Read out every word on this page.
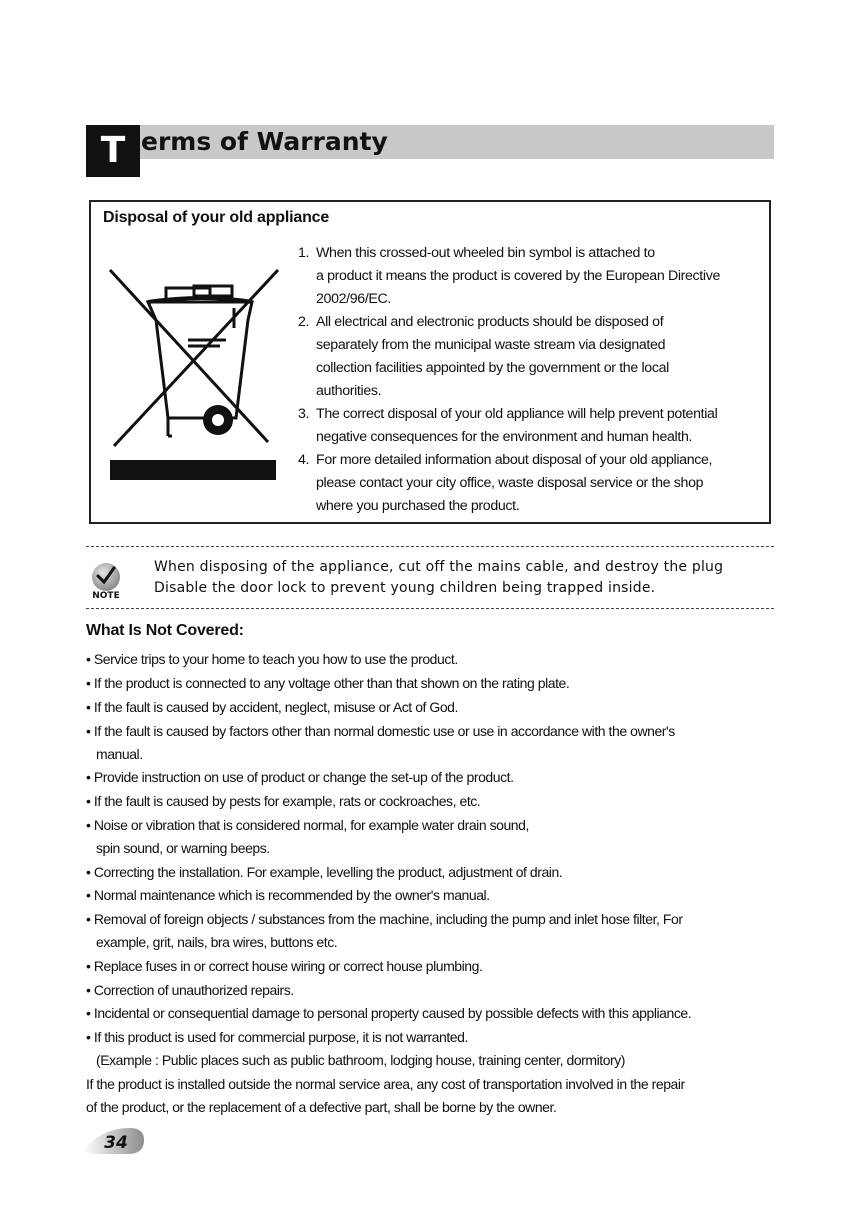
T erms of Warranty
Disposal of your old appliance
1. When this crossed-out wheeled bin symbol is attached to
a product it means the product is covered by the European Directive
2002/96/EC.
2. All electrical and electronic products should be disposed of
separately from the municipal waste stream via designated
collection facilities appointed by the government or the local
authorities.
3. The correct disposal of your old appliance will help prevent potential
negative consequences for the environment and human health.
4. For more detailed information about disposal of your old appliance,
please contact your city office, waste disposal service or the shop
where you purchased the product.
NOTE
When disposing of the appliance, cut off the mains cable, and destroy the plug
Disable the door lock to prevent young children being trapped inside.
What Is Not Covered:
• Service trips to your home to teach you how to use the product.
• If the product is connected to any voltage other than that shown on the rating plate.
• If the fault is caused by accident, neglect, misuse or Act of God.
• If the fault is caused by factors other than normal domestic use or use in accordance with the owner's
manual.
• Provide instruction on use of product or change the set-up of the product.
• If the fault is caused by pests for example, rats or cockroaches, etc.
• Noise or vibration that is considered normal, for example water drain sound,
spin sound, or warning beeps.
• Correcting the installation. For example, levelling the product, adjustment of drain.
• Normal maintenance which is recommended by the owner's manual.
• Removal of foreign objects / substances from the machine, including the pump and inlet hose filter, For
example, grit, nails, bra wires, buttons etc.
• Replace fuses in or correct house wiring or correct house plumbing.
• Correction of unauthorized repairs.
• Incidental or consequential damage to personal property caused by possible defects with this appliance.
• If this product is used for commercial purpose, it is not warranted.
(Example : Public places such as public bathroom, lodging house, training center, dormitory)
If the product is installed outside the normal service area, any cost of transportation involved in the repair
of the product, or the replacement of a defective part, shall be borne by the owner.
34
